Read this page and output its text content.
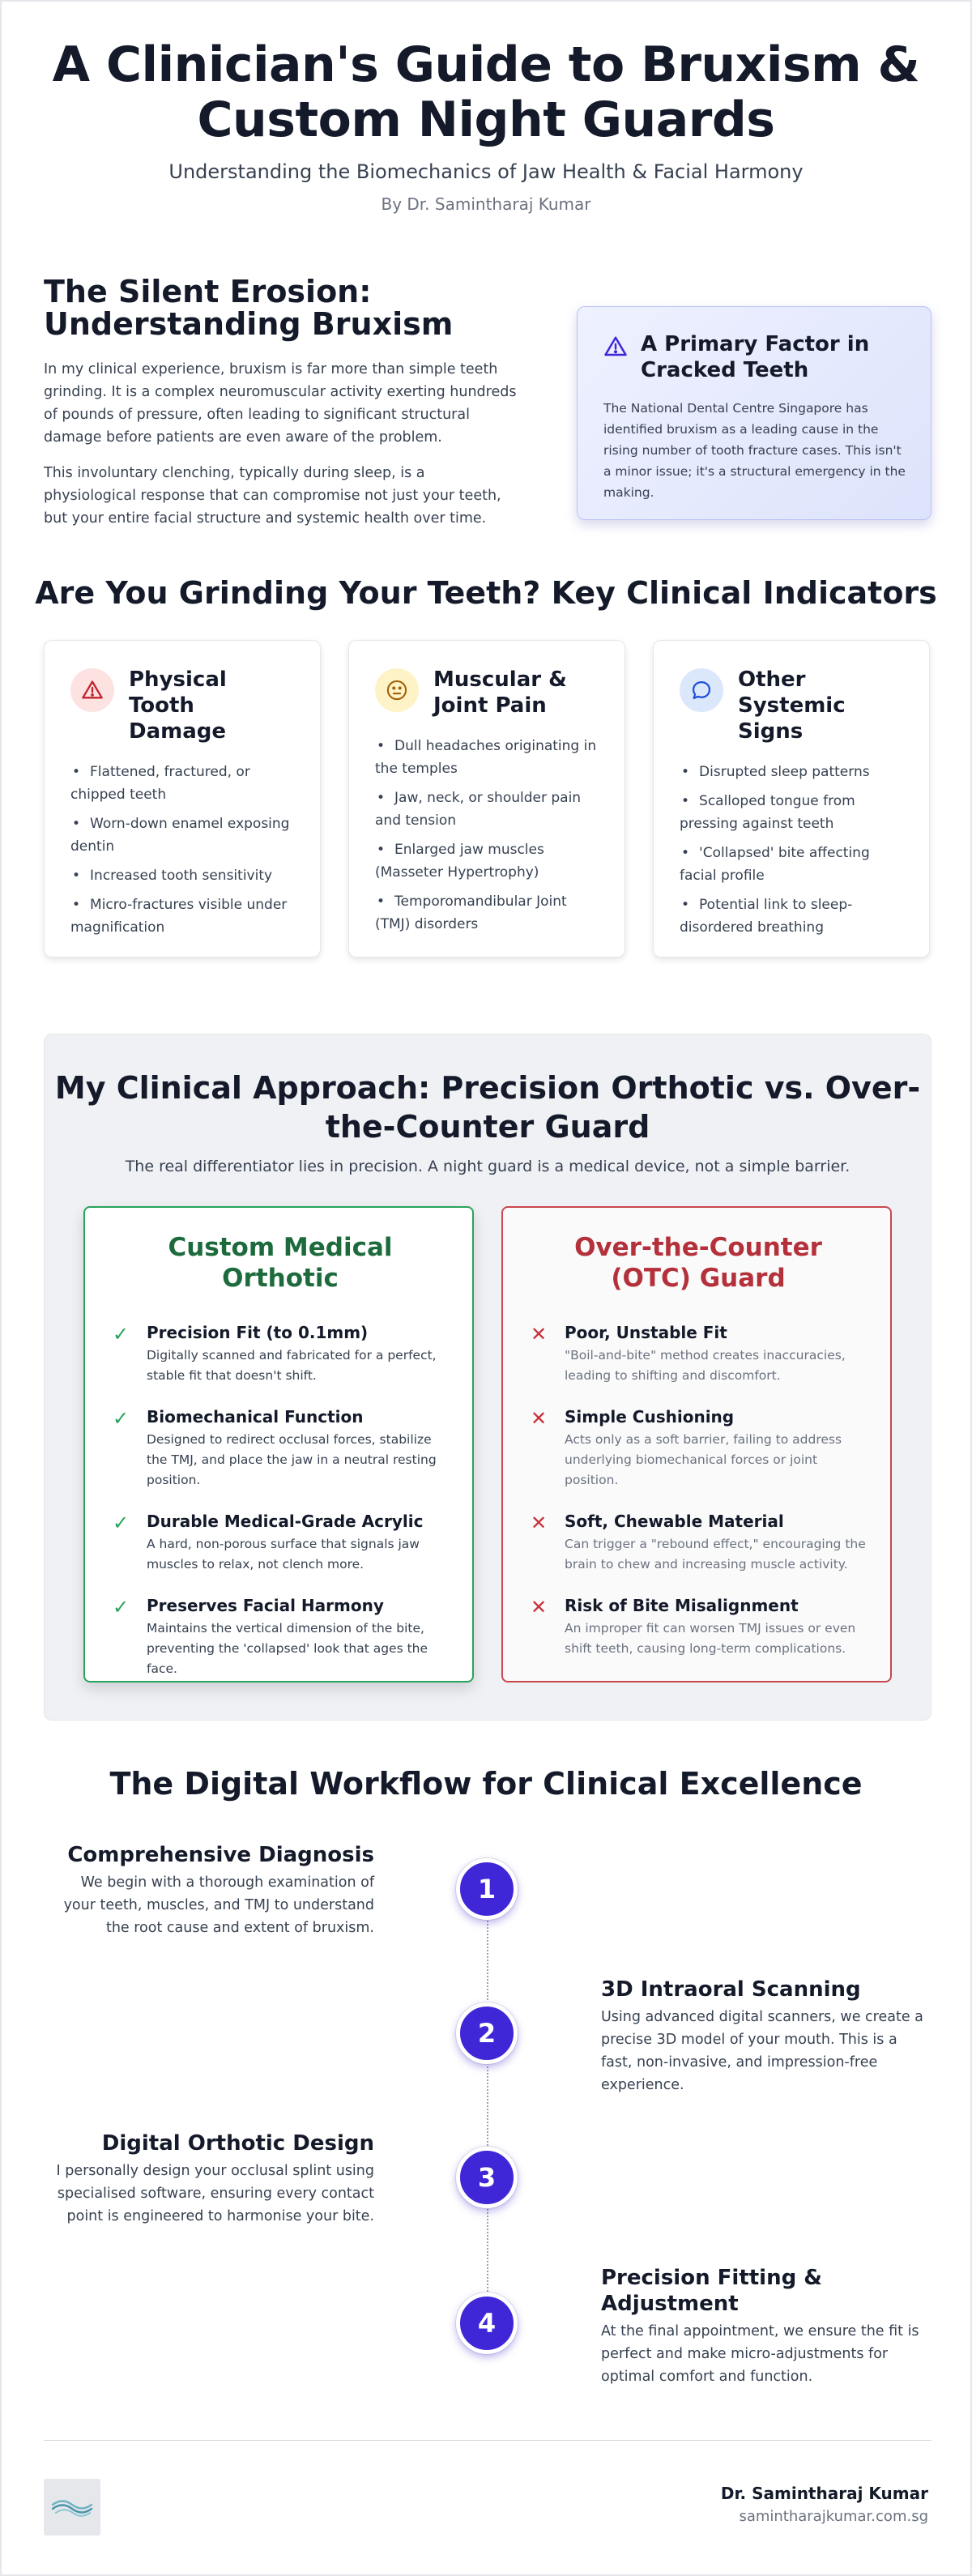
A Clinician's Guide to Bruxism & Custom Night Guards
Understanding the Biomechanics of Jaw Health & Facial Harmony
By Dr. Samintharaj Kumar
The Silent Erosion: Understanding Bruxism

In my clinical experience, bruxism is far more than simple teeth grinding. It is a complex neuromuscular activity exerting hundreds of pounds of pressure, often leading to significant structural damage before patients are even aware of the problem.

This involuntary clenching, typically during sleep, is a physiological response that can compromise not just your teeth, but your entire facial structure and systemic health over time.

A Primary Factor in Cracked Teeth
The National Dental Centre Singapore has identified bruxism as a leading cause in the rising number of tooth fracture cases. This isn't a minor issue; it's a structural emergency in the making.
Are You Grinding Your Teeth? Key Clinical Indicators
Physical Tooth Damage
• Flattened, fractured, or chipped teeth
• Worn-down enamel exposing dentin
• Increased tooth sensitivity
• Micro-fractures visible under magnification
Muscular & Joint Pain
• Dull headaches originating in the temples
• Jaw, neck, or shoulder pain and tension
• Enlarged jaw muscles (Masseter Hypertrophy)
• Temporomandibular Joint (TMJ) disorders
Other Systemic Signs
• Disrupted sleep patterns
• Scalloped tongue from pressing against teeth
• 'Collapsed' bite affecting facial profile
• Potential link to sleep-disordered breathing
My Clinical Approach: Precision Orthotic vs. Over-the-Counter Guard
The real differentiator lies in precision. A night guard is a medical device, not a simple barrier.
Custom Medical Orthotic
✓ Precision Fit (to 0.1mm)
Digitally scanned and fabricated for a perfect, stable fit that doesn't shift.
✓ Biomechanical Function
Designed to redirect occlusal forces, stabilize the TMJ, and place the jaw in a neutral resting position.
✓ Durable Medical-Grade Acrylic
A hard, non-porous surface that signals jaw muscles to relax, not clench more.
✓ Preserves Facial Harmony
Maintains the vertical dimension of the bite, preventing the 'collapsed' look that ages the face.
Over-the-Counter (OTC) Guard
✕ Poor, Unstable Fit
"Boil-and-bite" method creates inaccuracies, leading to shifting and discomfort.
✕ Simple Cushioning
Acts only as a soft barrier, failing to address underlying biomechanical forces or joint position.
✕ Soft, Chewable Material
Can trigger a "rebound effect," encouraging the brain to chew and increasing muscle activity.
✕ Risk of Bite Misalignment
An improper fit can worsen TMJ issues or even shift teeth, causing long-term complications.
The Digital Workflow for Clinical Excellence
1
2
3
4
Comprehensive Diagnosis
We begin with a thorough examination of your teeth, muscles, and TMJ to understand the root cause and extent of bruxism.
3D Intraoral Scanning
Using advanced digital scanners, we create a precise 3D model of your mouth. This is a fast, non-invasive, and impression-free experience.
Digital Orthotic Design
I personally design your occlusal splint using specialised software, ensuring every contact point is engineered to harmonise your bite.
Precision Fitting & Adjustment
At the final appointment, we ensure the fit is perfect and make micro-adjustments for optimal comfort and function.
Dr. Samintharaj Kumar
samintharajkumar.com.sg
